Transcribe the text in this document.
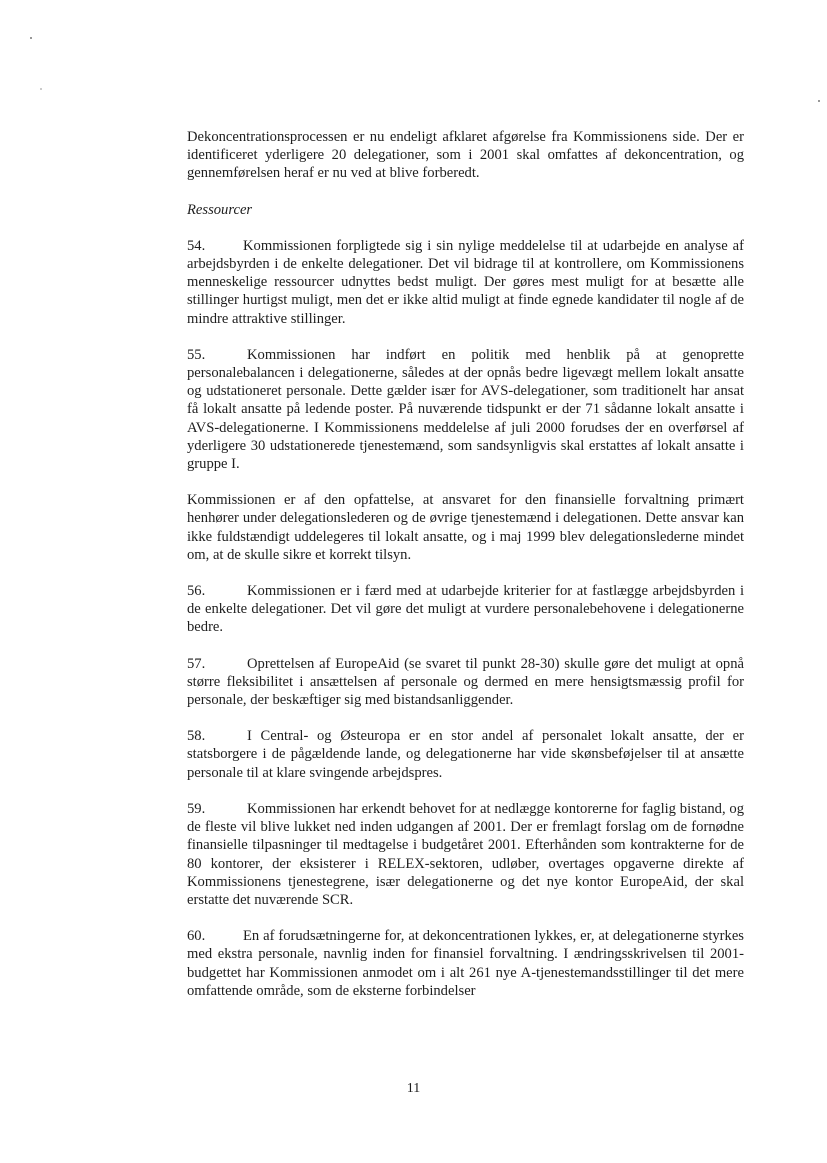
Dekoncentrationsprocessen er nu endeligt afklaret afgørelse fra Kommissionens side. Der er identificeret yderligere 20 delegationer, som i 2001 skal omfattes af dekoncentration, og gennemførelsen heraf er nu ved at blive forberedt.

Ressourcer

54.	Kommissionen forpligtede sig i sin nylige meddelelse til at udarbejde en analyse af arbejdsbyrden i de enkelte delegationer. Det vil bidrage til at kontrollere, om Kommissionens menneskelige ressourcer udnyttes bedst muligt. Der gøres mest muligt for at besætte alle stillinger hurtigst muligt, men det er ikke altid muligt at finde egnede kandidater til nogle af de mindre attraktive stillinger.

55.	Kommissionen har indført en politik med henblik på at genoprette personalebalancen i delegationerne, således at der opnås bedre ligevægt mellem lokalt ansatte og udstationeret personale. Dette gælder især for AVS-delegationer, som traditionelt har ansat få lokalt ansatte på ledende poster. På nuværende tidspunkt er der 71 sådanne lokalt ansatte i AVS-delegationerne. I Kommissionens meddelelse af juli 2000 forudses der en overførsel af yderligere 30 udstationerede tjenestemænd, som sandsynligvis skal erstattes af lokalt ansatte i gruppe I.

Kommissionen er af den opfattelse, at ansvaret for den finansielle forvaltning primært henhører under delegationslederen og de øvrige tjenestemænd i delegationen. Dette ansvar kan ikke fuldstændigt uddelegeres til lokalt ansatte, og i maj 1999 blev delegationslederne mindet om, at de skulle sikre et korrekt tilsyn.

56.	Kommissionen er i færd med at udarbejde kriterier for at fastlægge arbejdsbyrden i de enkelte delegationer. Det vil gøre det muligt at vurdere personalebehovene i delegationerne bedre.

57.	Oprettelsen af EuropeAid (se svaret til punkt 28-30) skulle gøre det muligt at opnå større fleksibilitet i ansættelsen af personale og dermed en mere hensigtsmæssig profil for personale, der beskæftiger sig med bistandsanliggender.

58.	I Central- og Østeuropa er en stor andel af personalet lokalt ansatte, der er statsborgere i de pågældende lande, og delegationerne har vide skønsbeføjelser til at ansætte personale til at klare svingende arbejdspres.

59.	Kommissionen har erkendt behovet for at nedlægge kontorerne for faglig bistand, og de fleste vil blive lukket ned inden udgangen af 2001. Der er fremlagt forslag om de fornødne finansielle tilpasninger til medtagelse i budgetåret 2001. Efterhånden som kontrakterne for de 80 kontorer, der eksisterer i RELEX-sektoren, udløber, overtages opgaverne direkte af Kommissionens tjenestegrene, især delegationerne og det nye kontor EuropeAid, der skal erstatte det nuværende SCR.

60.	En af forudsætningerne for, at dekoncentrationen lykkes, er, at delegationerne styrkes med ekstra personale, navnlig inden for finansiel forvaltning. I ændringsskrivelsen til 2001-budgettet har Kommissionen anmodet om i alt 261 nye A-tjenestemandsstillinger til det mere omfattende område, som de eksterne forbindelser

11
